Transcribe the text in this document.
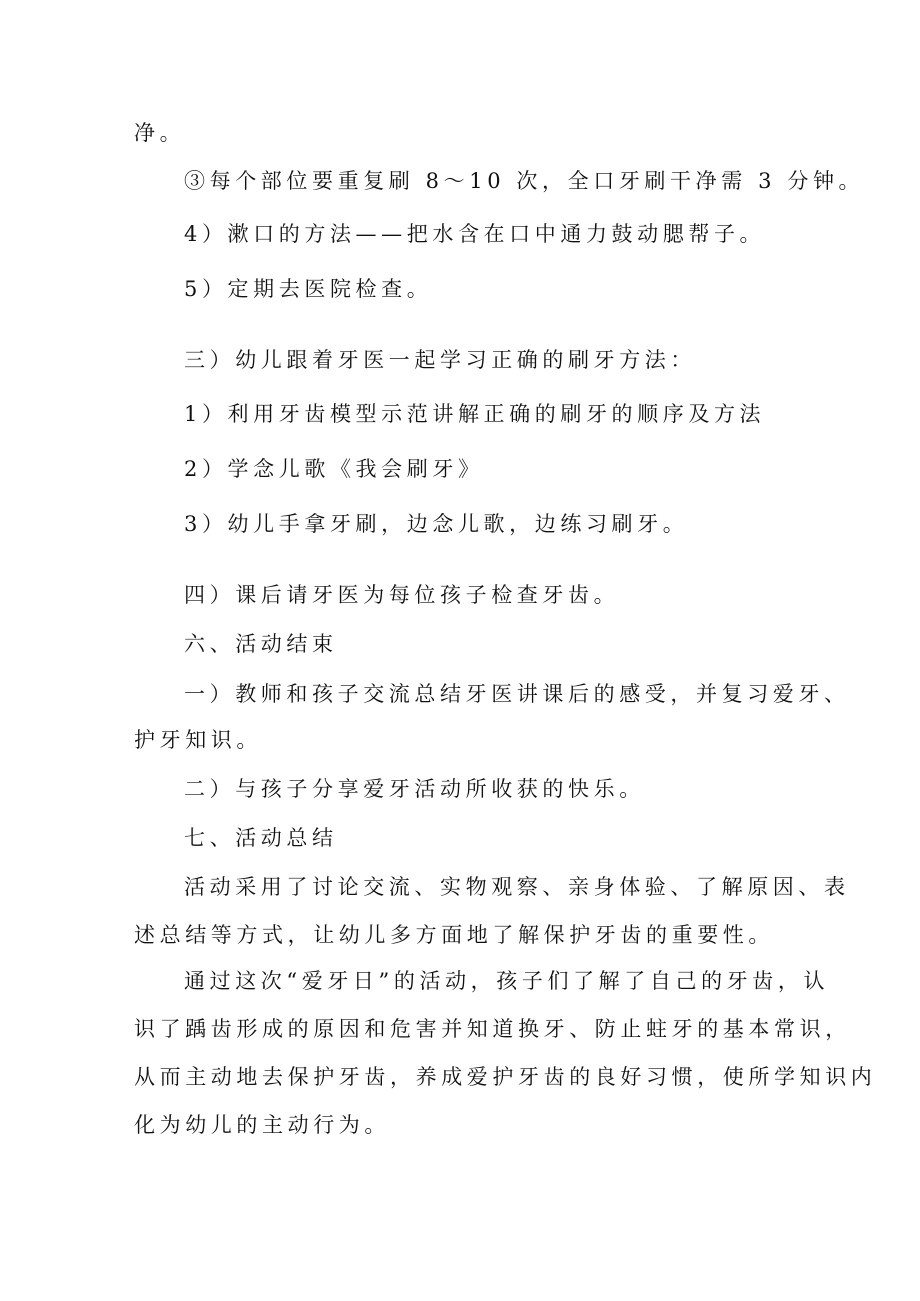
净。
③每个部位要重复刷 8～10 次，全口牙刷干净需 3 分钟。
4）漱口的方法——把水含在口中通力鼓动腮帮子。
5）定期去医院检查。
三）幼儿跟着牙医一起学习正确的刷牙方法：
1）利用牙齿模型示范讲解正确的刷牙的顺序及方法
2）学念儿歌《我会刷牙》
3）幼儿手拿牙刷，边念儿歌，边练习刷牙。
四）课后请牙医为每位孩子检查牙齿。
六、活动结束
一）教师和孩子交流总结牙医讲课后的感受，并复习爱牙、
护牙知识。
二）与孩子分享爱牙活动所收获的快乐。
七、活动总结
活动采用了讨论交流、实物观察、亲身体验、了解原因、表
述总结等方式，让幼儿多方面地了解保护牙齿的重要性。
通过这次“爱牙日”的活动，孩子们了解了自己的牙齿，认
识了踽齿形成的原因和危害并知道换牙、防止蛀牙的基本常识，
从而主动地去保护牙齿，养成爱护牙齿的良好习惯，使所学知识内
化为幼儿的主动行为。
